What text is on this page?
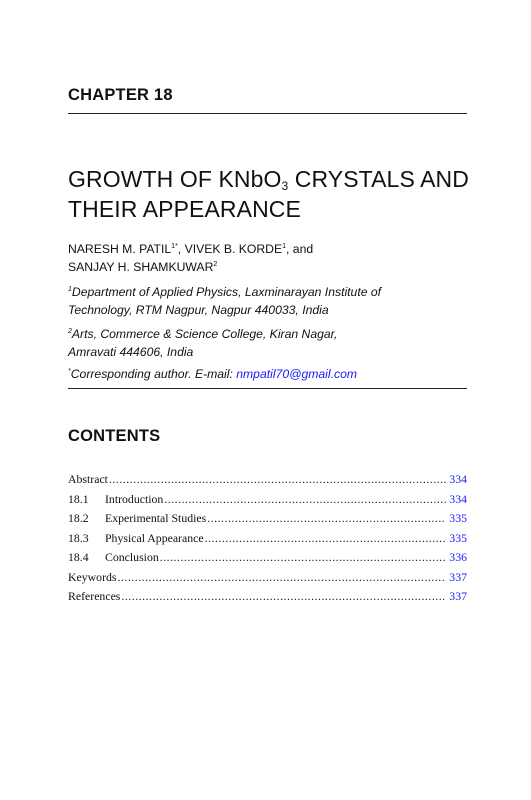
CHAPTER 18
GROWTH OF KNbO$_3$ CRYSTALS AND
THEIR APPEARANCE
NARESH M. $PATIL^{1*}$, VIVEK B. KORDE$^1$, and
SANJAY H. SHAMKUWAR$^2$
$^1$Department of Applied Physics, Laxminarayan Institute of
Technology, RTM Nagpur, Nagpur 440033, India
$^2$Arts, Commerce & Science College, Kiran Nagar,
Amravati 444606, India
*Corresponding author. E-mail: nmpatil70@gmail.com
CONTENTS
Abstract .....	334
18.1	Introduction .....	334
18.2	Experimental Studies .....	335
18.3	Physical Appearance .....	335
18.4	Conclusion .....	336
Keywords .....	337
References .....	337
